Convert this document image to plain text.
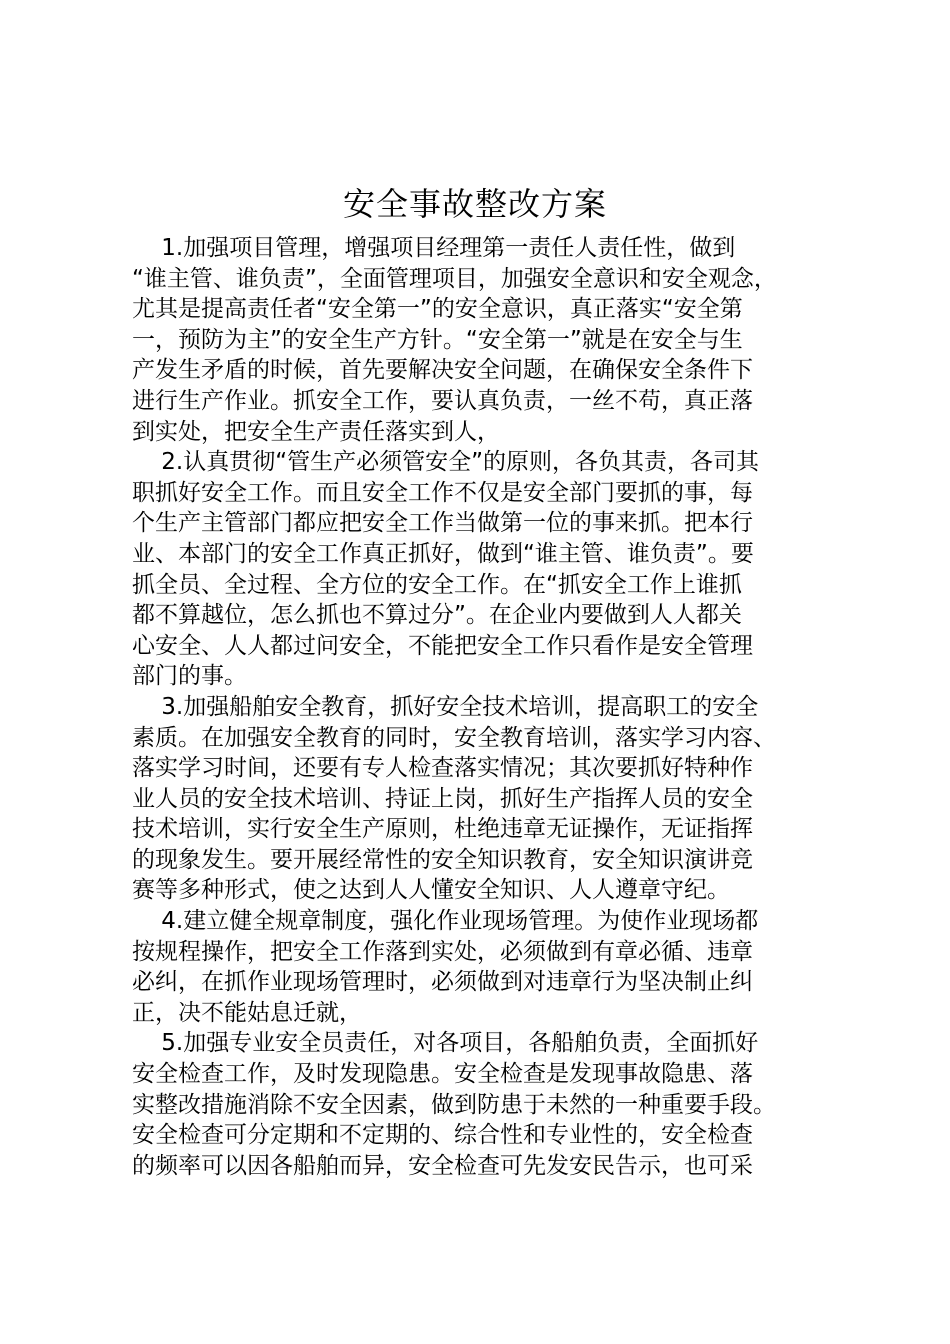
安全事故整改方案
1.加强项目管理，增强项目经理第一责任人责任性，做到
“谁主管、谁负责”，全面管理项目，加强安全意识和安全观念，
尤其是提高责任者“安全第一”的安全意识，真正落实“安全第
一，预防为主”的安全生产方针。“安全第一”就是在安全与生
产发生矛盾的时候，首先要解决安全问题，在确保安全条件下
进行生产作业。抓安全工作，要认真负责，一丝不苟，真正落
到实处，把安全生产责任落实到人，
2.认真贯彻“管生产必须管安全”的原则，各负其责，各司其
职抓好安全工作。而且安全工作不仅是安全部门要抓的事，每
个生产主管部门都应把安全工作当做第一位的事来抓。把本行
业、本部门的安全工作真正抓好，做到“谁主管、谁负责”。要
抓全员、全过程、全方位的安全工作。在“抓安全工作上谁抓
都不算越位，怎么抓也不算过分”。在企业内要做到人人都关
心安全、人人都过问安全，不能把安全工作只看作是安全管理
部门的事。
3.加强船舶安全教育，抓好安全技术培训，提高职工的安全
素质。在加强安全教育的同时，安全教育培训，落实学习内容、
落实学习时间，还要有专人检查落实情况；其次要抓好特种作
业人员的安全技术培训、持证上岗，抓好生产指挥人员的安全
技术培训，实行安全生产原则，杜绝违章无证操作，无证指挥
的现象发生。要开展经常性的安全知识教育，安全知识演讲竞
赛等多种形式，使之达到人人懂安全知识、人人遵章守纪。
4.建立健全规章制度，强化作业现场管理。为使作业现场都
按规程操作，把安全工作落到实处，必须做到有章必循、违章
必纠，在抓作业现场管理时，必须做到对违章行为坚决制止纠
正，决不能姑息迁就，
5.加强专业安全员责任，对各项目，各船舶负责，全面抓好
安全检查工作，及时发现隐患。安全检查是发现事故隐患、落
实整改措施消除不安全因素，做到防患于未然的一种重要手段。
安全检查可分定期和不定期的、综合性和专业性的，安全检查
的频率可以因各船舶而异，安全检查可先发安民告示，也可采
